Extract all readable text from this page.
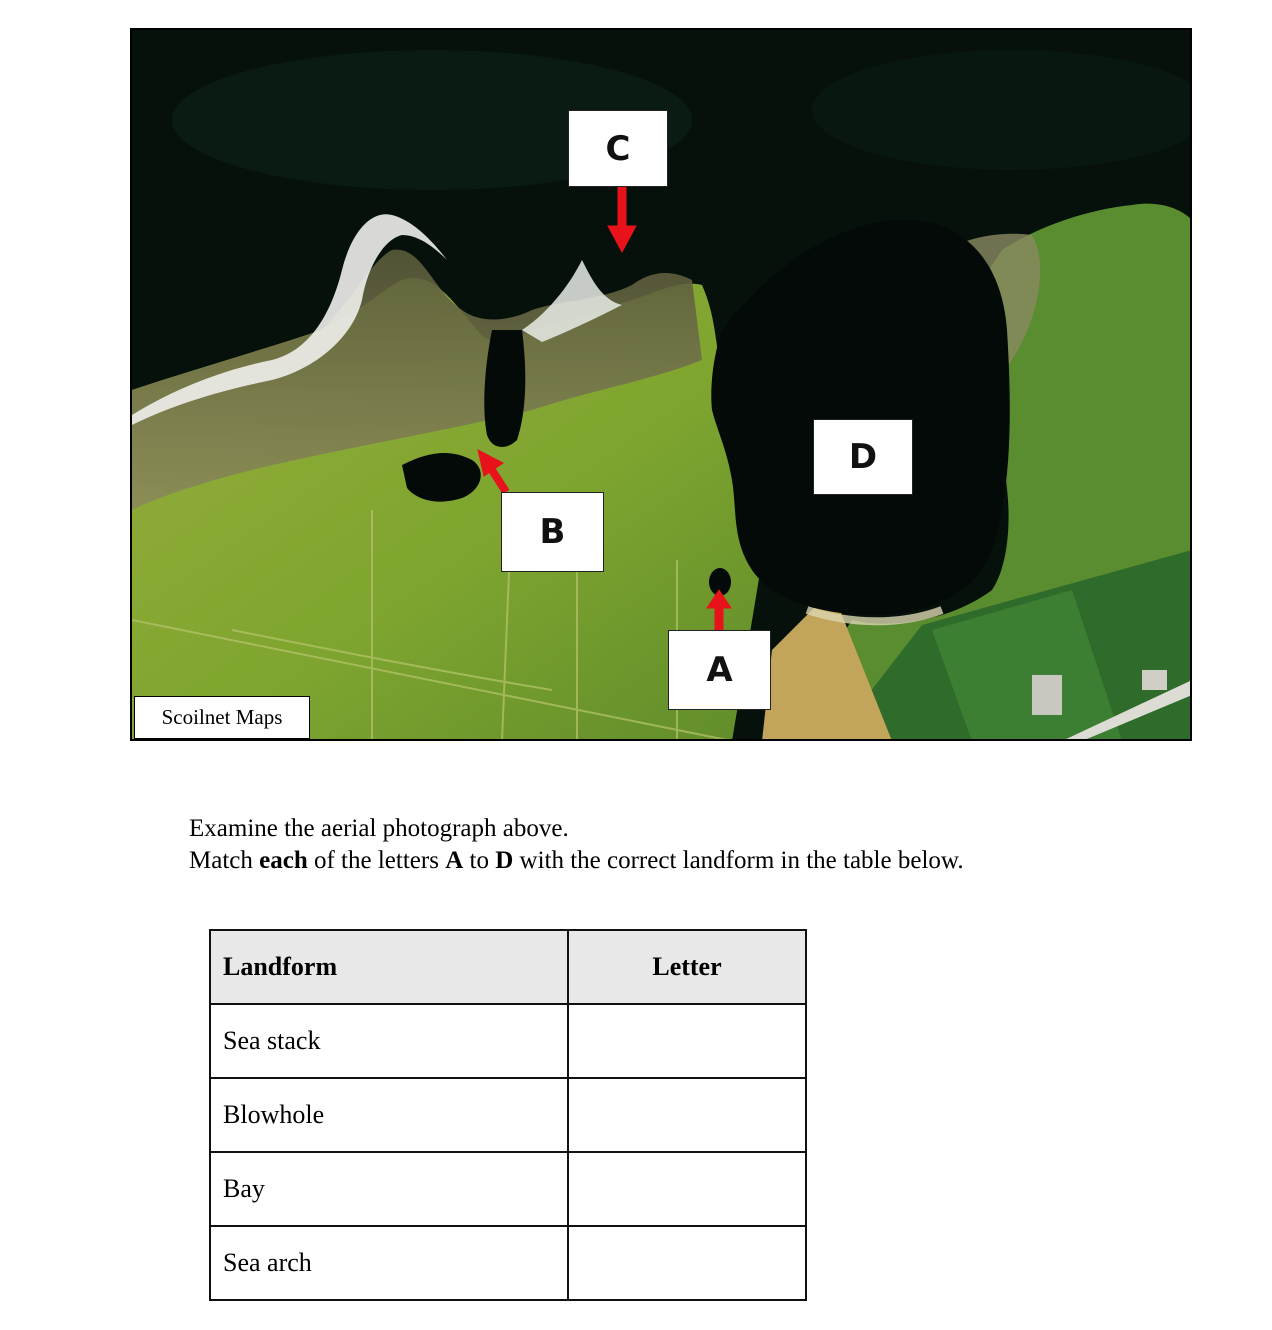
C
D
B
A
Scoilnet Maps

Examine the aerial photograph above.

Match each of the letters A to D with the correct landform in the table below.

Landform	Letter
Sea stack	
Blowhole	
Bay	
Sea arch	
